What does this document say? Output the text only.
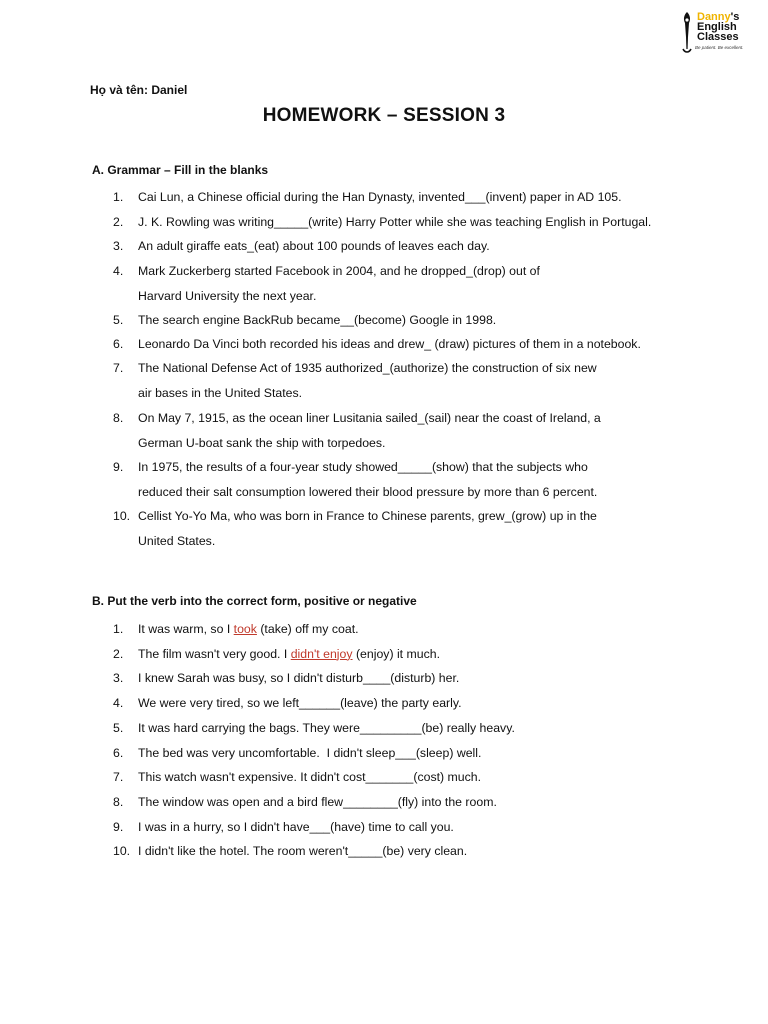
Danny's
English
Classes
Be patient. Be excellent.
Họ và tên: Daniel
HOMEWORK – SESSION 3
A. Grammar – Fill in the blanks
1. Cai Lun, a Chinese official during the Han Dynasty, invented___(invent) paper in AD 105.
2. J. K. Rowling was writing_____(write) Harry Potter while she was teaching English in Portugal.
3. An adult giraffe eats_(eat) about 100 pounds of leaves each day.
4. Mark Zuckerberg started Facebook in 2004, and he dropped_(drop) out of
Harvard University the next year.
5. The search engine BackRub became__(become) Google in 1998.
6. Leonardo Da Vinci both recorded his ideas and drew_ (draw) pictures of them in a notebook.
7. The National Defense Act of 1935 authorized_(authorize) the construction of six new
air bases in the United States.
8. On May 7, 1915, as the ocean liner Lusitania sailed_(sail) near the coast of Ireland, a
German U-boat sank the ship with torpedoes.
9. In 1975, the results of a four-year study showed_____(show) that the subjects who
reduced their salt consumption lowered their blood pressure by more than 6 percent.
10. Cellist Yo-Yo Ma, who was born in France to Chinese parents, grew_(grow) up in the
United States.
B. Put the verb into the correct form, positive or negative
1. It was warm, so I took (take) off my coat.
2. The film wasn't very good. I didn't enjoy (enjoy) it much.
3. I knew Sarah was busy, so I didn't disturb____(disturb) her.
4. We were very tired, so we left______(leave) the party early.
5. It was hard carrying the bags. They were_________(be) really heavy.
6. The bed was very uncomfortable.  I didn't sleep___(sleep) well.
7. This watch wasn't expensive. It didn't cost_______(cost) much.
8. The window was open and a bird flew________(fly) into the room.
9. I was in a hurry, so I didn't have___(have) time to call you.
10. I didn't like the hotel. The room weren't_____(be) very clean.
